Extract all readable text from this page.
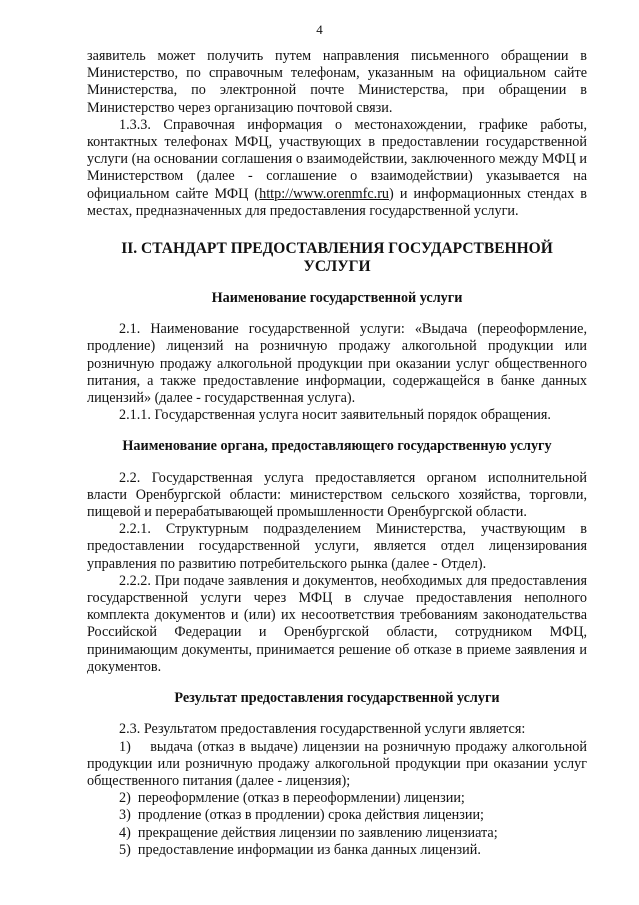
4

заявитель может получить путем направления письменного обращении в Министерство, по справочным телефонам, указанным на официальном сайте Министерства, по электронной почте Министерства, при обращении в Министерство через организацию почтовой связи.

1.3.3. Справочная информация о местонахождении, графике работы, контактных телефонах МФЦ, участвующих в предоставлении государственной услуги (на основании соглашения о взаимодействии, заключенного между МФЦ и Министерством (далее - соглашение о взаимодействии) указывается на официальном сайте МФЦ (http://www.orenmfc.ru) и информационных стендах в местах, предназначенных для предоставления государственной услуги.

II. СТАНДАРТ ПРЕДОСТАВЛЕНИЯ ГОСУДАРСТВЕННОЙ УСЛУГИ
Наименование государственной услуги

2.1. Наименование государственной услуги: «Выдача (переоформление, продление) лицензий на розничную продажу алкогольной продукции или розничную продажу алкогольной продукции при оказании услуг общественного питания, а также предоставление информации, содержащейся в банке данных лицензий» (далее - государственная услуга).

2.1.1. Государственная услуга носит заявительный порядок обращения.

Наименование органа, предоставляющего государственную услугу

2.2. Государственная услуга предоставляется органом исполнительной власти Оренбургской области: министерством сельского хозяйства, торговли, пищевой и перерабатывающей промышленности Оренбургской области.

2.2.1. Структурным подразделением Министерства, участвующим в предоставлении государственной услуги, является отдел лицензирования управления по развитию потребительского рынка (далее - Отдел).

2.2.2. При подаче заявления и документов, необходимых для предоставления государственной услуги через МФЦ в случае предоставления неполного комплекта документов и (или) их несоответствия требованиям законодательства Российской Федерации и Оренбургской области, сотрудником МФЦ, принимающим документы, принимается решение об отказе в приеме заявления и документов.

Результат предоставления государственной услуги

2.3. Результатом предоставления государственной услуги является:

1) выдача (отказ в выдаче) лицензии на розничную продажу алкогольной продукции или розничную продажу алкогольной продукции при оказании услуг общественного питания (далее - лицензия);

2) переоформление (отказ в переоформлении) лицензии;

3) продление (отказ в продлении) срока действия лицензии;

4) прекращение действия лицензии по заявлению лицензиата;

5) предоставление информации из банка данных лицензий.
